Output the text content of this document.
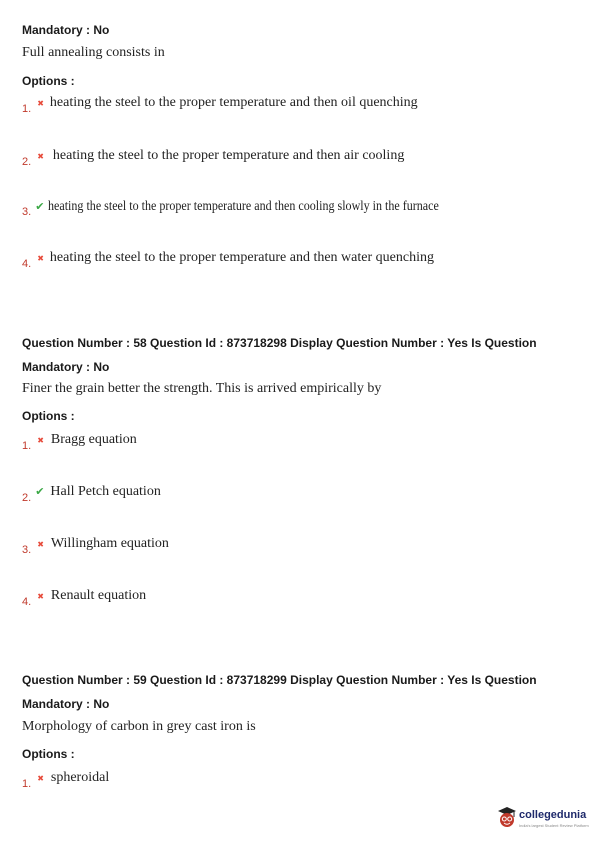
Mandatory : No
Full annealing consists in
Options :
$_{1.}$ ✖ heating the steel to the proper temperature and then oil quenching
$_{2.}$ ✖ heating the steel to the proper temperature and then air cooling
$_{3.}$ ✔ heating the steel to the proper temperature and then cooling slowly in the furnace
$_{4.}$ ✖ heating the steel to the proper temperature and then water quenching
Question Number : 58 Question Id : 873718298 Display Question Number : Yes Is Question
Mandatory : No
Finer the grain better the strength. This is arrived empirically by
Options :
$_{1.}$ ✖ Bragg equation
$_{2.}$ ✔ Hall Petch equation
$_{3.}$ ✖ Willingham equation
$_{4.}$ ✖ Renault equation
Question Number : 59 Question Id : 873718299 Display Question Number : Yes Is Question
Mandatory : No
Morphology of carbon in grey cast iron is
Options :
$_{1.}$ ✖ spheroidal
collegedunia
India's largest Student Review Platform
